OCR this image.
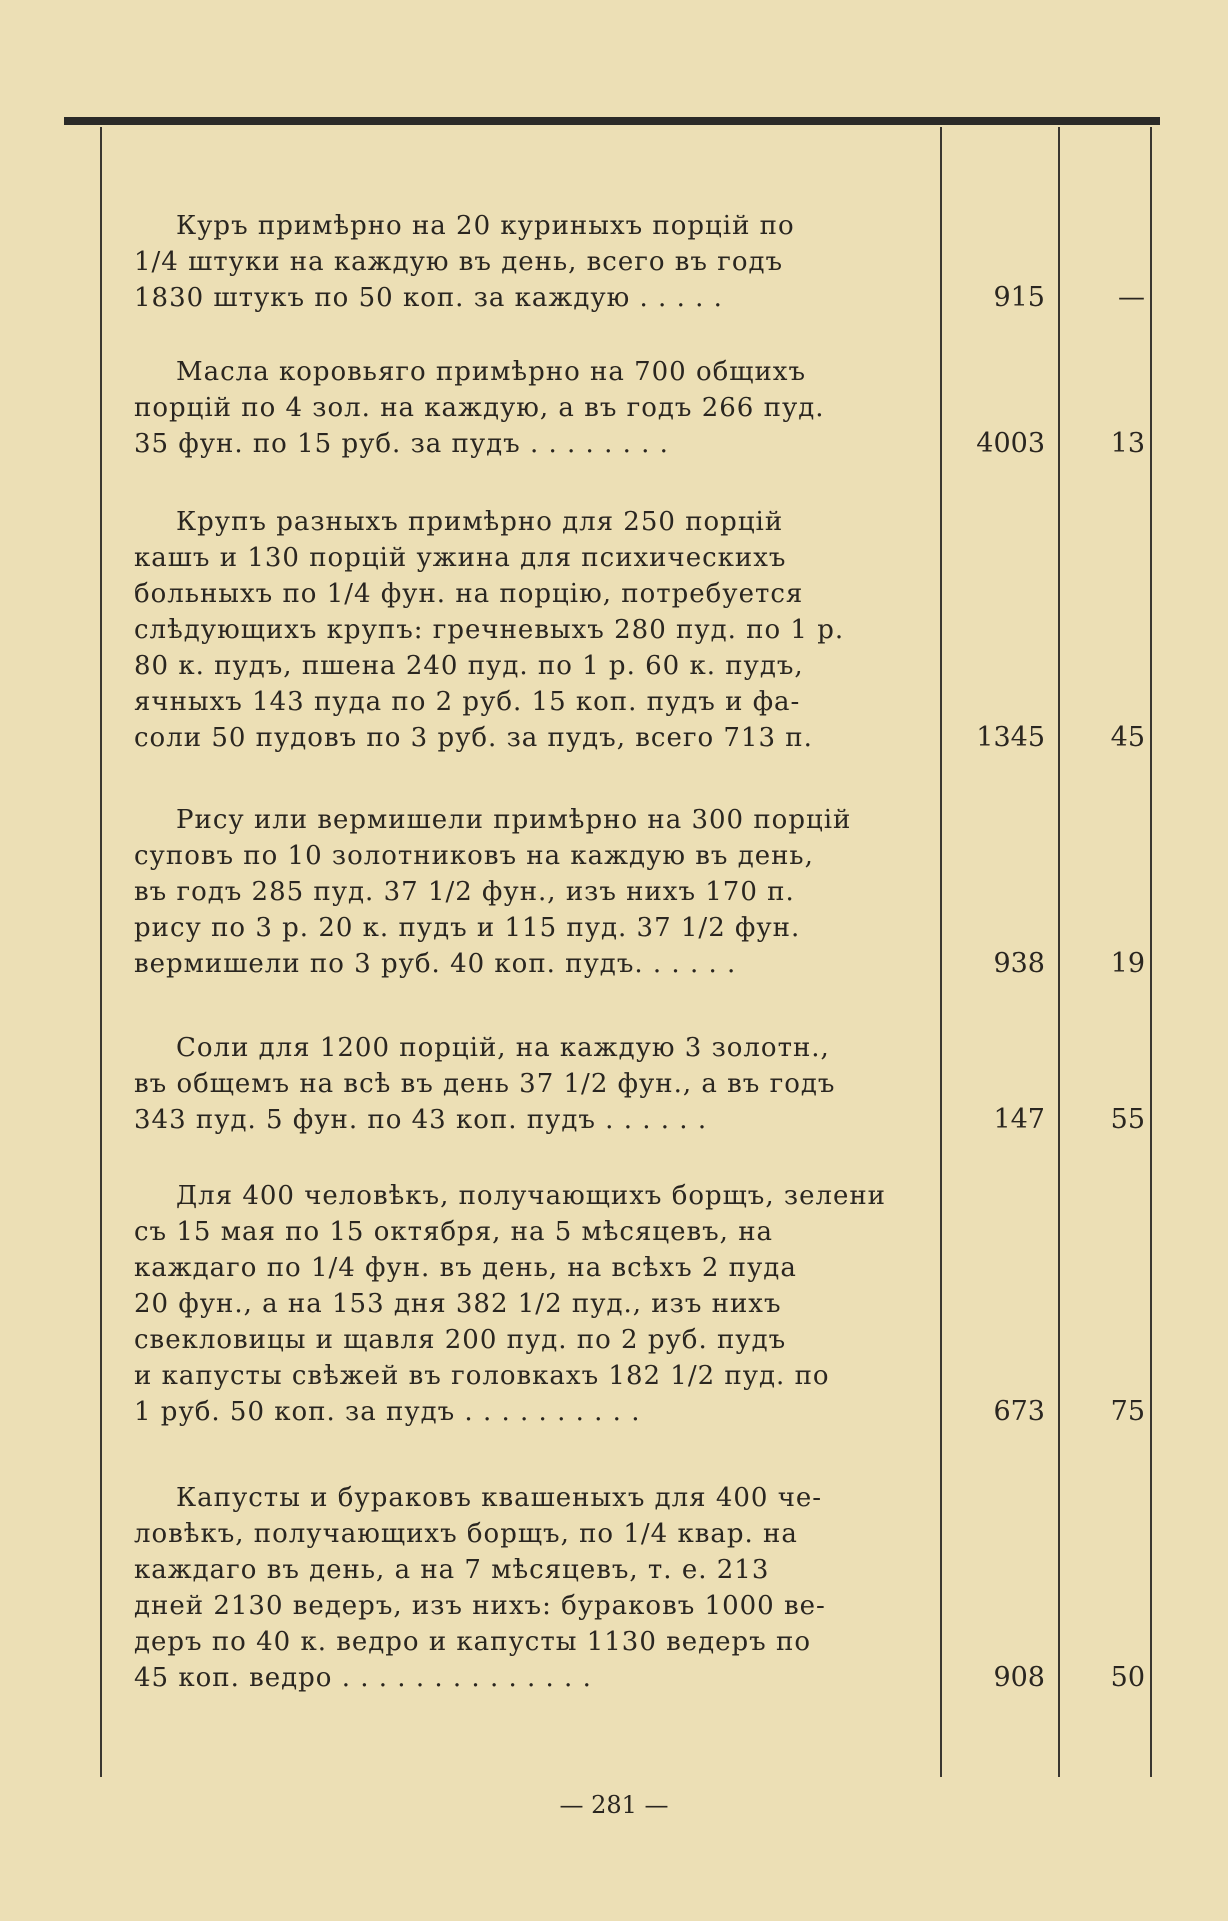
Куръ примѣрно на 20 куриныхъ порцій по
1/4 штуки на каждую въ день, всего въ годъ
1830 штукъ по 50 коп. за каждую . . . . .	915	—
Масла коровьяго примѣрно на 700 общихъ
порцій по 4 зол. на каждую, а въ годъ 266 пуд.
35 фун. по 15 руб. за пудъ . . . . . . . .	4003	13
Крупъ разныхъ примѣрно для 250 порцій
кашъ и 130 порцій ужина для психическихъ
больныхъ по 1/4 фун. на порцію, потребуется
слѣдующихъ крупъ: гречневыхъ 280 пуд. по 1 р.
80 к. пудъ, пшена 240 пуд. по 1 р. 60 к. пудъ,
ячныхъ 143 пуда по 2 руб. 15 коп. пудъ и фа-
соли 50 пудовъ по 3 руб. за пудъ, всего 713 п.	1345	45
Рису или вермишели примѣрно на 300 порцій
суповъ по 10 золотниковъ на каждую въ день,
въ годъ 285 пуд. 37 1/2 фун., изъ нихъ 170 п.
рису по 3 р. 20 к. пудъ и 115 пуд. 37 1/2 фун.
вермишели по 3 руб. 40 коп. пудъ. . . . . .	938	19
Соли для 1200 порцій, на каждую 3 золотн.,
въ общемъ на всѣ въ день 37 1/2 фун., а въ годъ
343 пуд. 5 фун. по 43 коп. пудъ . . . . . .	147	55
Для 400 человѣкъ, получающихъ борщъ, зелени
съ 15 мая по 15 октября, на 5 мѣсяцевъ, на
каждаго по 1/4 фун. въ день, на всѣхъ 2 пуда
20 фун., а на 153 дня 382 1/2 пуд., изъ нихъ
свекловицы и щавля 200 пуд. по 2 руб. пудъ
и капусты свѣжей въ головкахъ 182 1/2 пуд. по
1 руб. 50 коп. за пудъ . . . . . . . . . .	673	75
Капусты и бураковъ квашеныхъ для 400 че-
ловѣкъ, получающихъ борщъ, по 1/4 квар. на
каждаго въ день, а на 7 мѣсяцевъ, т. е. 213
дней 2130 ведеръ, изъ нихъ: бураковъ 1000 ве-
деръ по 40 к. ведро и капусты 1130 ведеръ по
45 коп. ведро . . . . . . . . . . . . . .	908	50
— 281 —
